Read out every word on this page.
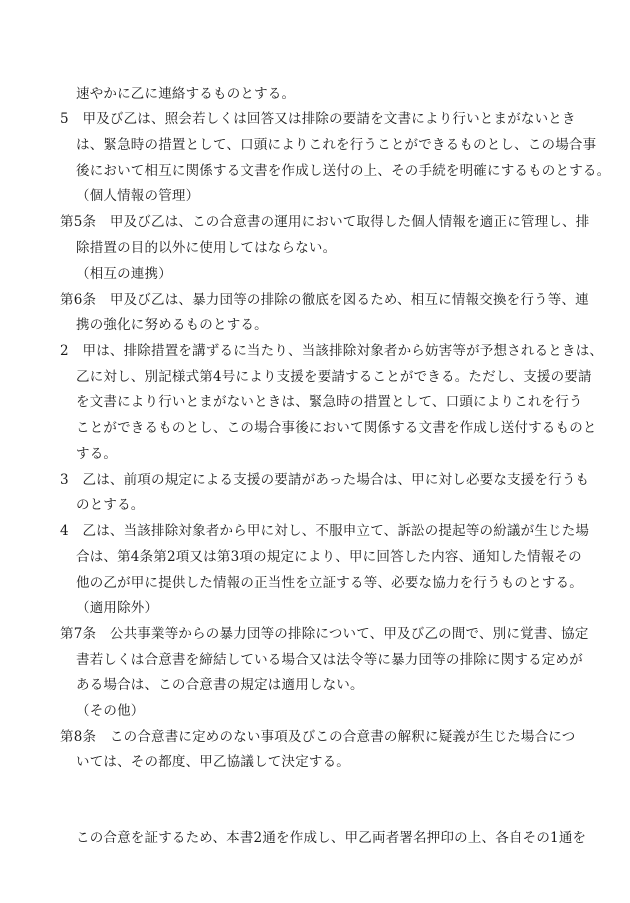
速やかに乙に連絡するものとする。
5　甲及び乙は、照会若しくは回答又は排除の要請を文書により行いとまがないとき
は、緊急時の措置として、口頭によりこれを行うことができるものとし、この場合事
後において相互に関係する文書を作成し送付の上、その手続を明確にするものとする。
（個人情報の管理）
第5条　甲及び乙は、この合意書の運用において取得した個人情報を適正に管理し、排
除措置の目的以外に使用してはならない。
（相互の連携）
第6条　甲及び乙は、暴力団等の排除の徹底を図るため、相互に情報交換を行う等、連
携の強化に努めるものとする。
2　甲は、排除措置を講ずるに当たり、当該排除対象者から妨害等が予想されるときは、
乙に対し、別記様式第4号により支援を要請することができる。ただし、支援の要請
を文書により行いとまがないときは、緊急時の措置として、口頭によりこれを行う
ことができるものとし、この場合事後において関係する文書を作成し送付するものと
する。
3　乙は、前項の規定による支援の要請があった場合は、甲に対し必要な支援を行うも
のとする。
4　乙は、当該排除対象者から甲に対し、不服申立て、訴訟の提起等の紛議が生じた場
合は、第4条第2項又は第3項の規定により、甲に回答した内容、通知した情報その
他の乙が甲に提供した情報の正当性を立証する等、必要な協力を行うものとする。
（適用除外）
第7条　公共事業等からの暴力団等の排除について、甲及び乙の間で、別に覚書、協定
書若しくは合意書を締結している場合又は法令等に暴力団等の排除に関する定めが
ある場合は、この合意書の規定は適用しない。
（その他）
第8条　この合意書に定めのない事項及びこの合意書の解釈に疑義が生じた場合につ
いては、その都度、甲乙協議して決定する。
この合意を証するため、本書2通を作成し、甲乙両者署名押印の上、各自その1通を
